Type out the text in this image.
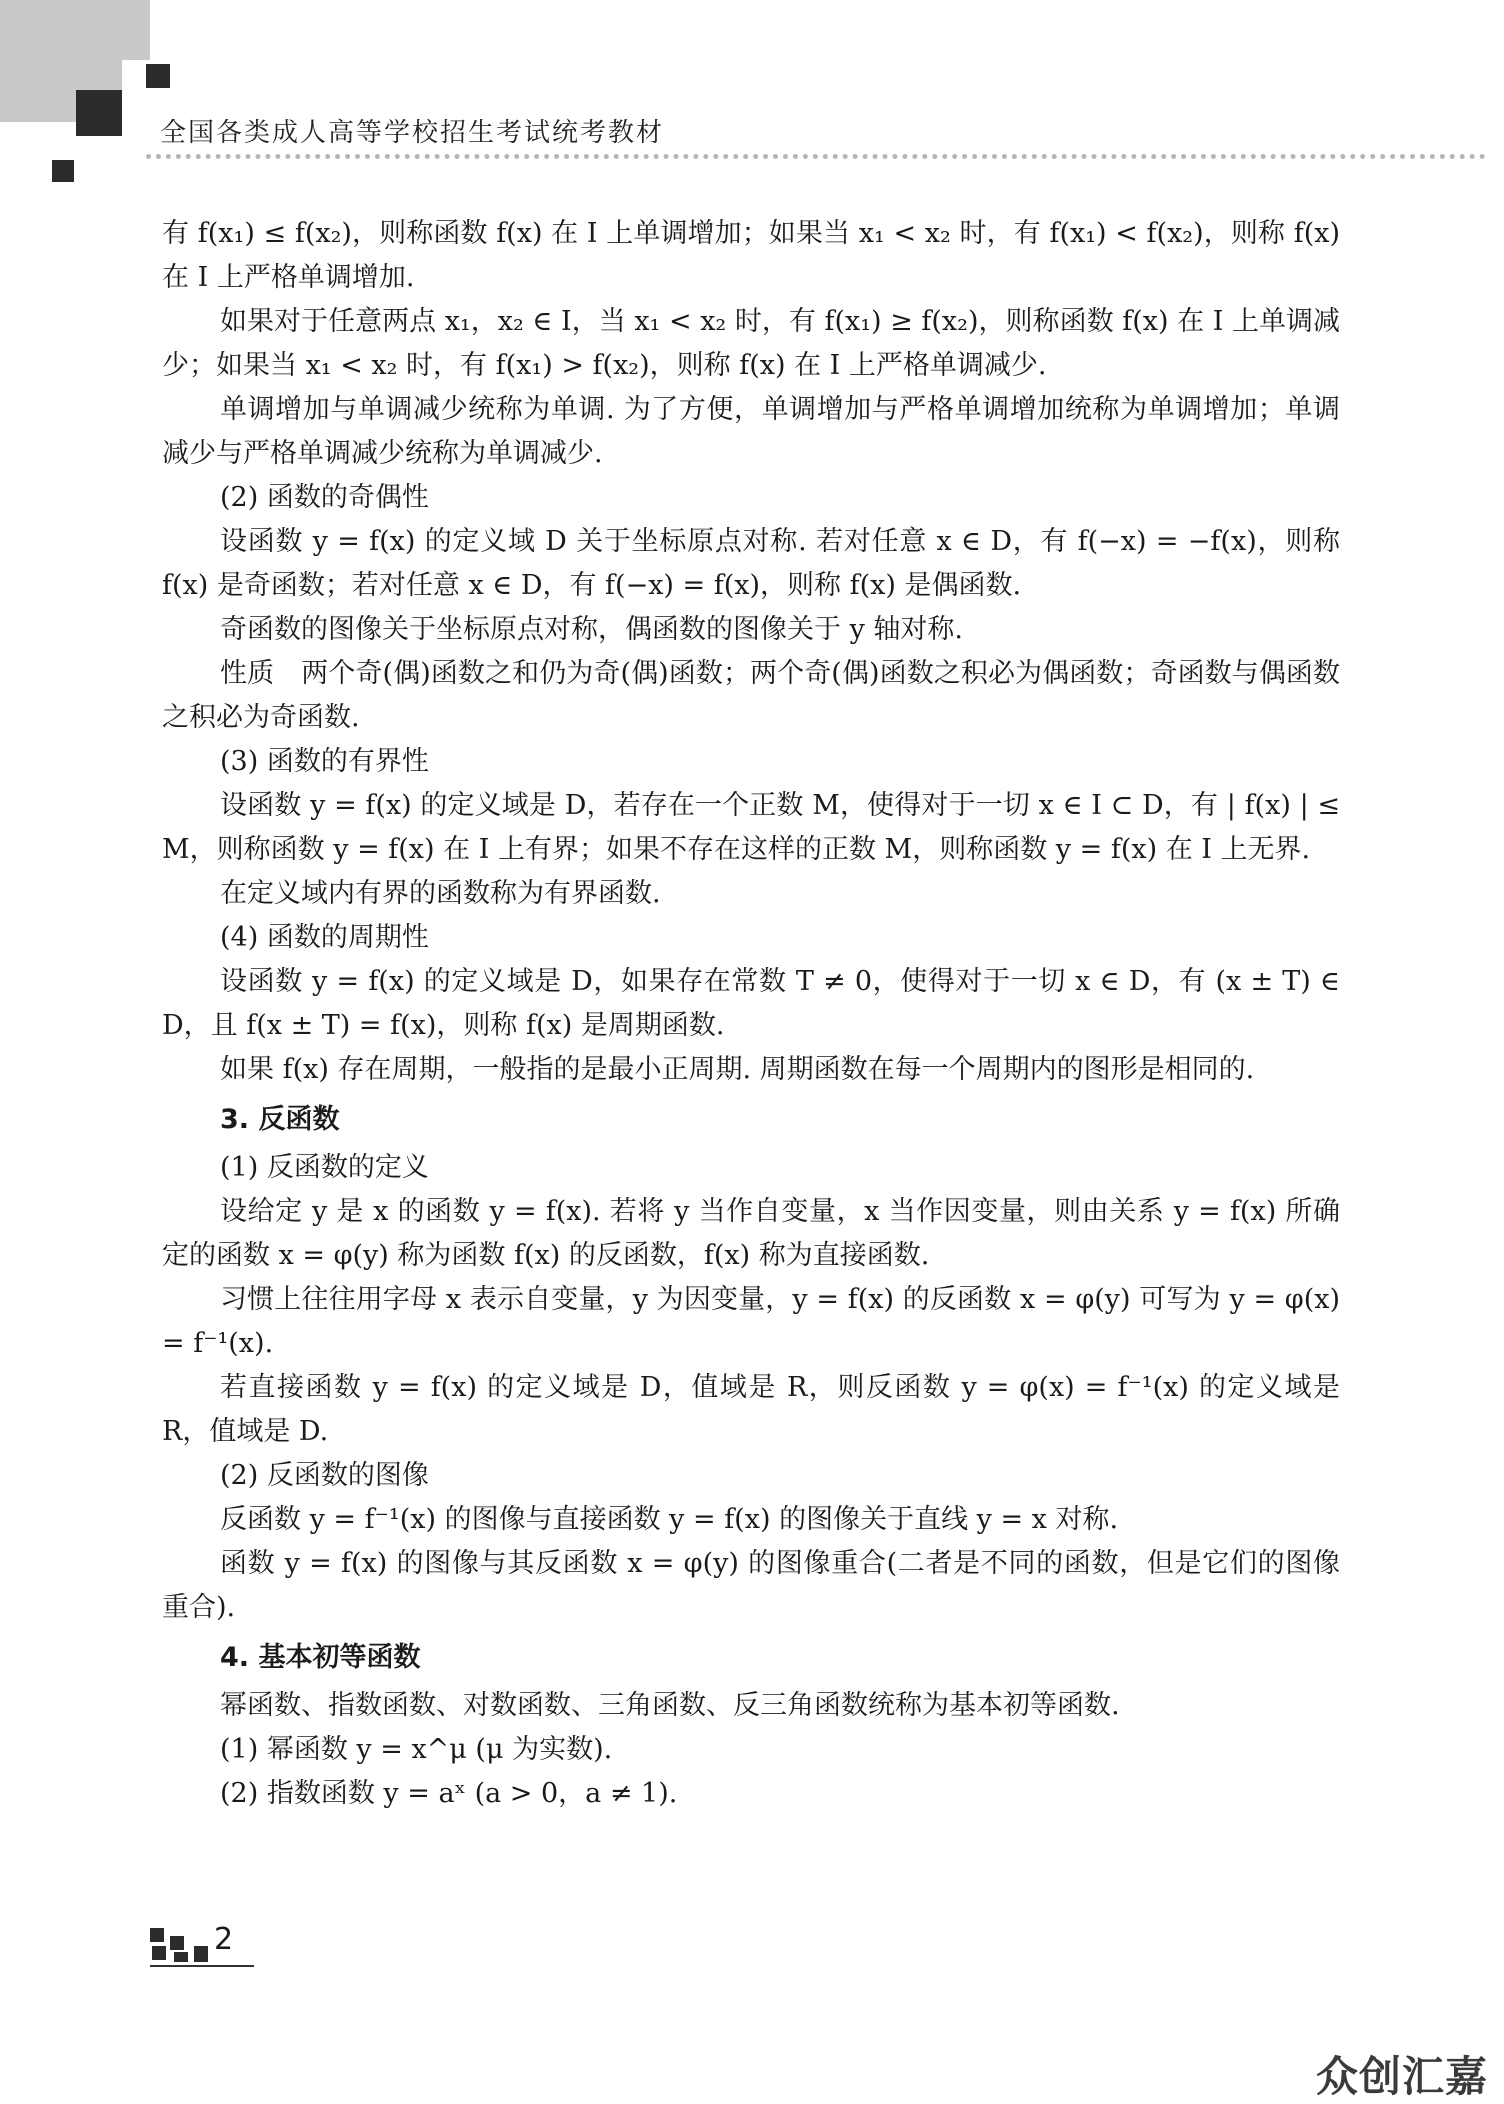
全国各类成人高等学校招生考试统考教材

有 f(x₁) ≤ f(x₂)，则称函数 f(x) 在 I 上单调增加；如果当 x₁ < x₂ 时，有 f(x₁) < f(x₂)，则称 f(x) 在 I 上严格单调增加.

如果对于任意两点 x₁，x₂ ∈ I，当 x₁ < x₂ 时，有 f(x₁) ≥ f(x₂)，则称函数 f(x) 在 I 上单调减少；如果当 x₁ < x₂ 时，有 f(x₁) > f(x₂)，则称 f(x) 在 I 上严格单调减少.

单调增加与单调减少统称为单调. 为了方便，单调增加与严格单调增加统称为单调增加；单调减少与严格单调减少统称为单调减少.

(2) 函数的奇偶性

设函数 y = f(x) 的定义域 D 关于坐标原点对称. 若对任意 x ∈ D，有 f(−x) = −f(x)，则称 f(x) 是奇函数；若对任意 x ∈ D，有 f(−x) = f(x)，则称 f(x) 是偶函数.

奇函数的图像关于坐标原点对称，偶函数的图像关于 y 轴对称.

性质　两个奇(偶)函数之和仍为奇(偶)函数；两个奇(偶)函数之积必为偶函数；奇函数与偶函数之积必为奇函数.

(3) 函数的有界性

设函数 y = f(x) 的定义域是 D，若存在一个正数 M，使得对于一切 x ∈ I ⊂ D，有 | f(x) | ≤ M，则称函数 y = f(x) 在 I 上有界；如果不存在这样的正数 M，则称函数 y = f(x) 在 I 上无界.

在定义域内有界的函数称为有界函数.

(4) 函数的周期性

设函数 y = f(x) 的定义域是 D，如果存在常数 T ≠ 0，使得对于一切 x ∈ D，有 (x ± T) ∈ D，且 f(x ± T) = f(x)，则称 f(x) 是周期函数.

如果 f(x) 存在周期，一般指的是最小正周期. 周期函数在每一个周期内的图形是相同的.

3. 反函数

(1) 反函数的定义

设给定 y 是 x 的函数 y = f(x). 若将 y 当作自变量，x 当作因变量，则由关系 y = f(x) 所确定的函数 x = φ(y) 称为函数 f(x) 的反函数，f(x) 称为直接函数.

习惯上往往用字母 x 表示自变量，y 为因变量，y = f(x) 的反函数 x = φ(y) 可写为 y = φ(x) = f⁻¹(x).

若直接函数 y = f(x) 的定义域是 D，值域是 R，则反函数 y = φ(x) = f⁻¹(x) 的定义域是 R，值域是 D.

(2) 反函数的图像

反函数 y = f⁻¹(x) 的图像与直接函数 y = f(x) 的图像关于直线 y = x 对称.

函数 y = f(x) 的图像与其反函数 x = φ(y) 的图像重合(二者是不同的函数，但是它们的图像重合).

4. 基本初等函数

幂函数、指数函数、对数函数、三角函数、反三角函数统称为基本初等函数.

(1) 幂函数 y = x^μ (μ 为实数).

(2) 指数函数 y = aˣ (a > 0，a ≠ 1).

2
众创汇嘉
